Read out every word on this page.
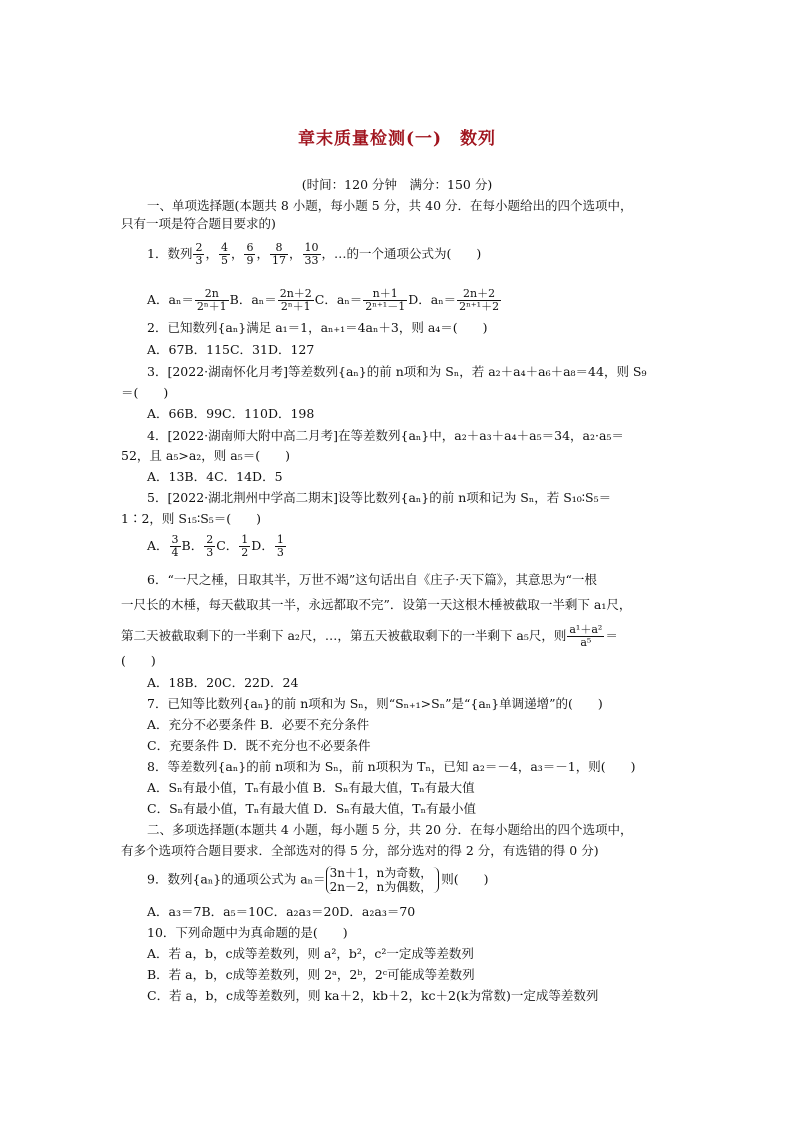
章末质量检测(一) 数列
(时间：120 分钟　满分：150 分)
一、单项选择题(本题共 8 小题，每小题 5 分，共 40 分．在每小题给出的四个选项中，
只有一项是符合题目要求的)
1．数列 $\frac{2}{3}$ ， $\frac{4}{5}$ ， $\frac{6}{9}$ ， $\frac{8}{17}$ ， $\frac{10}{33}$ ，…的一个通项公式为(　　)
A．$a_n= \frac{2n}{\text{2ⁿ＋1}}$ B．$a_n= \frac{2n+2}{\text{2ⁿ＋1}}$ C．$a_n= \frac{n+1}{\text{2ⁿ⁺¹－1}}$ D．$a_n= \frac{2n+2}{\text{2ⁿ⁺¹＋2}}$
2．已知数列{aₙ}满足 a₁＝1，aₙ₊₁＝4aₙ＋3，则 a₄＝(　　)
A．67B．115C．31D．127
3．[2022·湖南怀化月考]等差数列{aₙ}的前 n项和为 Sₙ，若 a₂＋a₄＋a₆＋a₈＝44，则 S₉
＝(　　)
A．66B．99C．110D．198
4．[2022·湖南师大附中高二月考]在等差数列{aₙ}中，a₂＋a₃＋a₄＋a₅＝34，a₂·a₅＝
52，且 a₅>a₂，则 a₅＝(　　)
A．13B．4C．14D．5
5．[2022·湖北荆州中学高二期末]设等比数列{aₙ}的前 n项和记为 Sₙ，若 S₁₀∶S₅＝
1∶2，则 S₁₅∶S₅＝(　　)
A． $\frac{3}{4}$ B． $\frac{2}{3}$ C． $\frac{1}{2}$ D． $\frac{1}{3}$
6．“一尺之棰，日取其半，万世不竭”这句话出自《庄子·天下篇》，其意思为“一根
一尺长的木棰，每天截取其一半，永远都取不完”．设第一天这根木棰被截取一半剩下 a₁尺，
第二天被截取剩下的一半剩下 a₂尺，…，第五天被截取剩下的一半剩下 a₅尺，则 $\frac{\text{a¹＋a²}}{\text{a⁵}}$ ＝
(　　)
A．18B．20C．22D．24
7．已知等比数列{aₙ}的前 n项和为 Sₙ，则“Sₙ₊₁>Sₙ”是“{aₙ}单调递增”的(　　)
A．充分不必要条件 B．必要不充分条件
C．充要条件 D．既不充分也不必要条件
8．等差数列{aₙ}的前 n项和为 Sₙ，前 n项积为 Tₙ，已知 a₂＝－4，a₃＝－1，则(　　)
A．Sₙ有最小值，Tₙ有最小值 B．Sₙ有最大值，Tₙ有最大值
C．Sₙ有最小值，Tₙ有最大值 D．Sₙ有最大值，Tₙ有最小值
二、多项选择题(本题共 4 小题，每小题 5 分，共 20 分．在每小题给出的四个选项中，
有多个选项符合题目要求．全部选对的得 5 分，部分选对的得 2 分，有选错的得 0 分)
9．数列{aₙ}的通项公式为 aₙ＝ 3n＋1，n为奇数，
2n－2，n为偶数，
则(　　)
A．a₃＝7B．a₅＝10C．a₂a₃＝20D．a₂a₃＝70
10．下列命题中为真命题的是(　　)
A．若 a，b，c成等差数列，则 a²，b²，c²一定成等差数列
B．若 a，b，c成等差数列，则 2ᵃ，2ᵇ，2ᶜ可能成等差数列
C．若 a，b，c成等差数列，则 ka＋2，kb＋2，kc＋2(k为常数)一定成等差数列
